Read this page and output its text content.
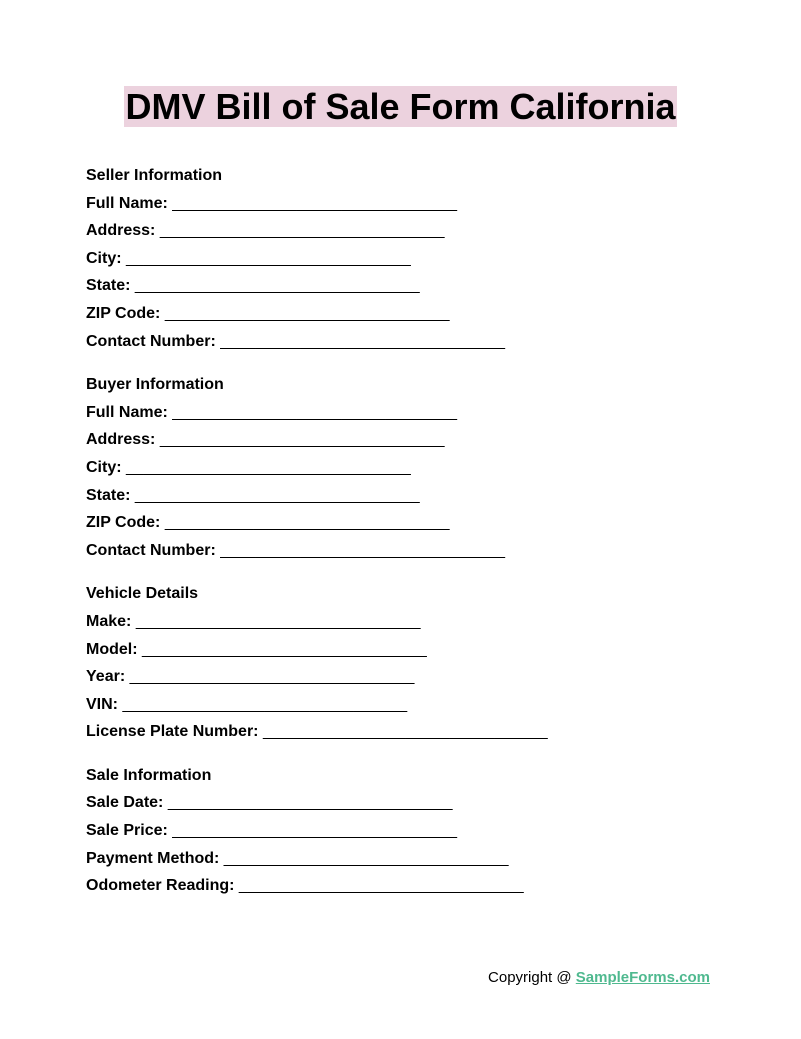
DMV Bill of Sale Form California
Seller Information
Full Name: ________________________________
Address: ________________________________
City: ________________________________
State: ________________________________
ZIP Code: ________________________________
Contact Number: ________________________________
Buyer Information
Full Name: ________________________________
Address: ________________________________
City: ________________________________
State: ________________________________
ZIP Code: ________________________________
Contact Number: ________________________________
Vehicle Details
Make: ________________________________
Model: ________________________________
Year: ________________________________
VIN: ________________________________
License Plate Number: ________________________________
Sale Information
Sale Date: ________________________________
Sale Price: ________________________________
Payment Method: ________________________________
Odometer Reading: ________________________________
Copyright @ SampleForms.com
